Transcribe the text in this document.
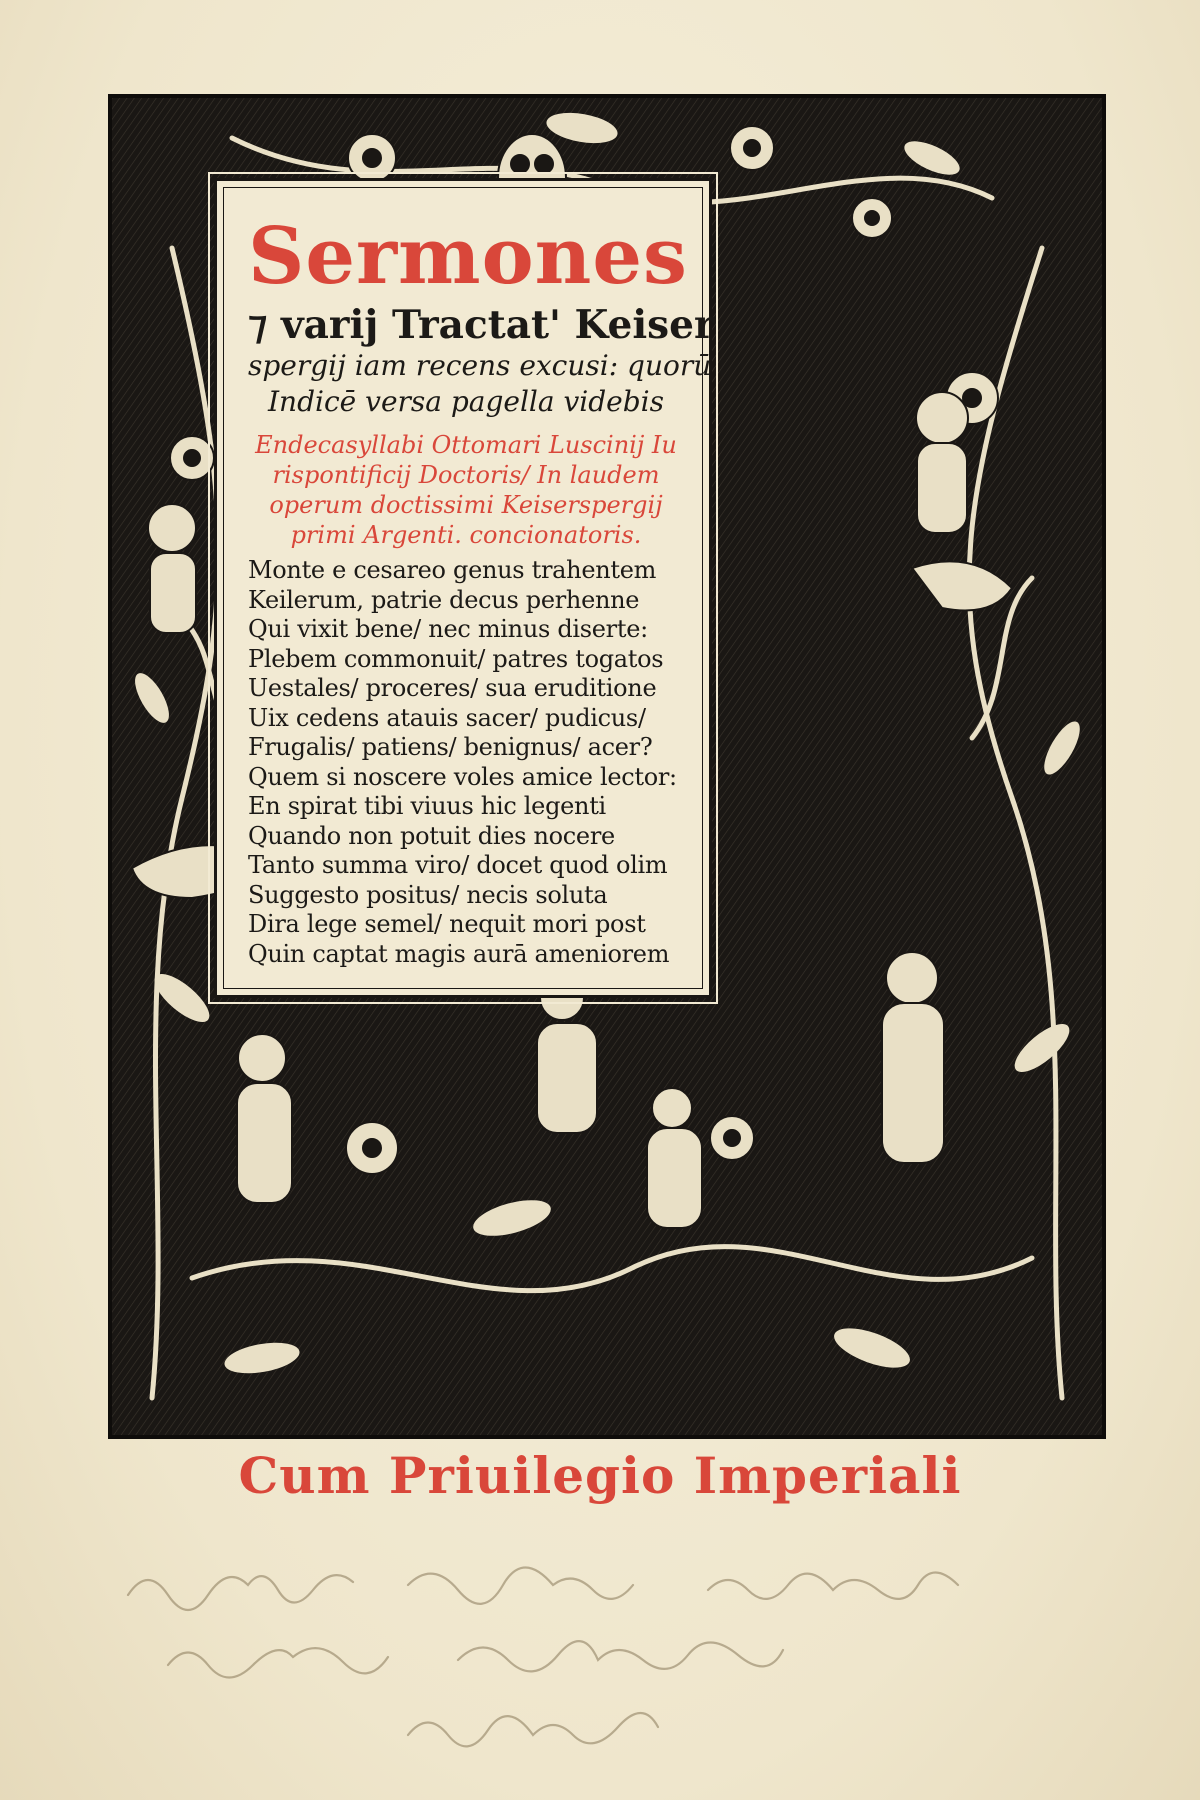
Sermones
⁊ varij Tractat' Keiser
spergij iam recens excusi: quorū
Indicē versa pagella videbis
Endecasyllabi Ottomari Luscinij Iu
rispontificij Doctoris/ In laudem
operum doctissimi Keiserspergij
primi Argenti. concionatoris.
Monte e cesareo genus trahentem
Keilerum, patrie decus perhenne
Qui vixit bene/ nec minus diserte:
Plebem commonuit/ patres togatos
Uestales/ proceres/ sua eruditione
Uix cedens atauis sacer/ pudicus/
Frugalis/ patiens/ benignus/ acer?
Quem si noscere voles amice lector:
En spirat tibi viuus hic legenti
Quando non potuit dies nocere
Tanto summa viro/ docet quod olim
Suggesto positus/ necis soluta
Dira lege semel/ nequit mori post
Quin captat magis aurā ameniorem
Cum Priuilegio Imperiali
